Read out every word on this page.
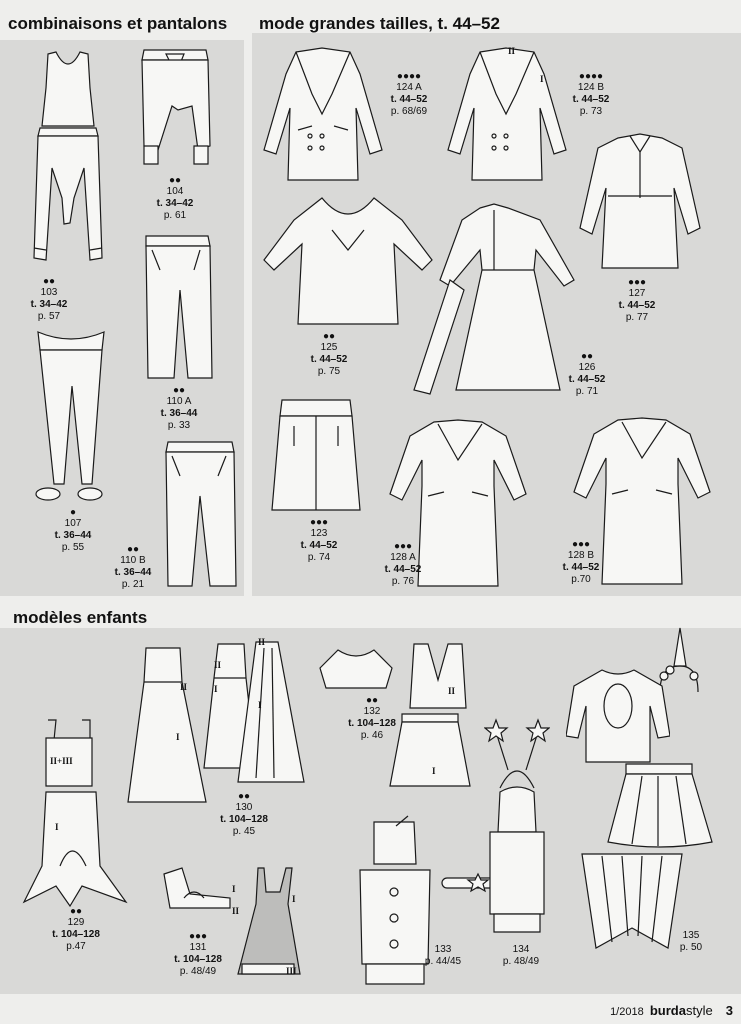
combinaisons et pantalons mode grandes tailles, t. 44–52
modèles enfants
●●
103
t. 34–42
p. 57
●●
104
t. 34–42
p. 61
●●
110 A
t. 36–44
p. 33
●
107
t. 36–44
p. 55	●●
110 B
t. 36–44
p. 21
●●●●
124 A
t. 44–52
p. 68/69
II
I	●●●●
124 B
t. 44–52
p. 73
●●●
127
t. 44–52
p. 77
●●
125
t. 44–52
p. 75
●●
126
t. 44–52
p. 71
●●●
123
t. 44–52
p. 74
●●●
128 A
t. 44–52
p. 76
●●●
128 B
t. 44–52
p.70
II+III
I
●●
129
t. 104–128
p.47
II
I
II
I
II
I
●●
130
t. 104–128
p. 45
I
II
I
III
●●●
131
t. 104–128
p. 48/49
II
I
●●
132
t. 104–128
p. 46
133
p. 44/45
134
p. 48/49
135
p. 50
1/2018 burdastyle 3
